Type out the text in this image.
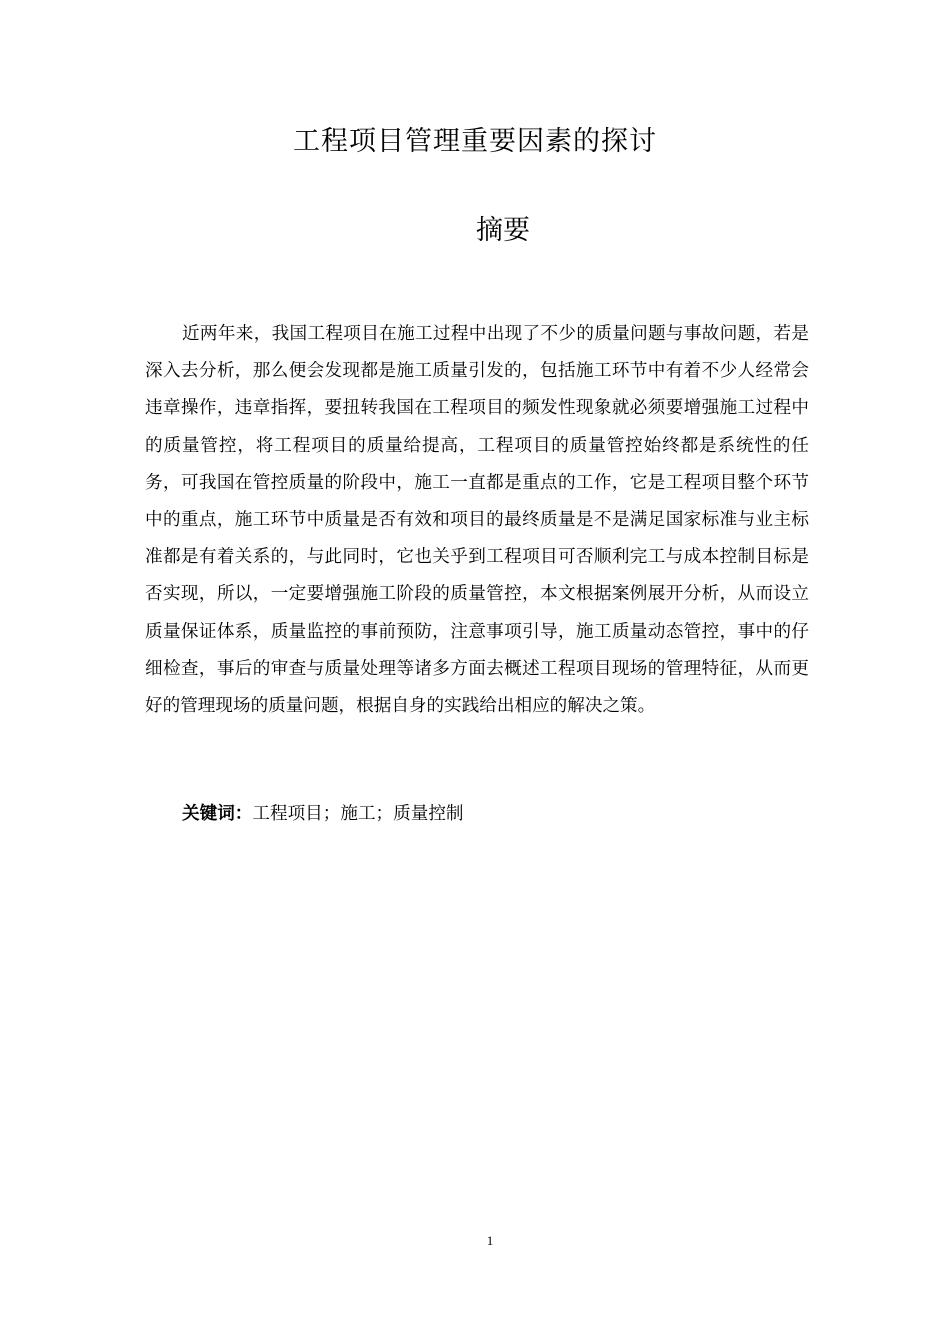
工程项目管理重要因素的探讨
摘要

近两年来，我国工程项目在施工过程中出现了不少的质量问题与事故问题，若是深入去分析，那么便会发现都是施工质量引发的，包括施工环节中有着不少人经常会违章操作，违章指挥，要扭转我国在工程项目的频发性现象就必须要增强施工过程中的质量管控，将工程项目的质量给提高，工程项目的质量管控始终都是系统性的任务，可我国在管控质量的阶段中，施工一直都是重点的工作，它是工程项目整个环节中的重点，施工环节中质量是否有效和项目的最终质量是不是满足国家标准与业主标准都是有着关系的，与此同时，它也关乎到工程项目可否顺利完工与成本控制目标是否实现，所以，一定要增强施工阶段的质量管控，本文根据案例展开分析，从而设立质量保证体系，质量监控的事前预防，注意事项引导，施工质量动态管控，事中的仔细检查，事后的审查与质量处理等诸多方面去概述工程项目现场的管理特征，从而更好的管理现场的质量问题，根据自身的实践给出相应的解决之策。

关键词：工程项目；施工；质量控制

1
